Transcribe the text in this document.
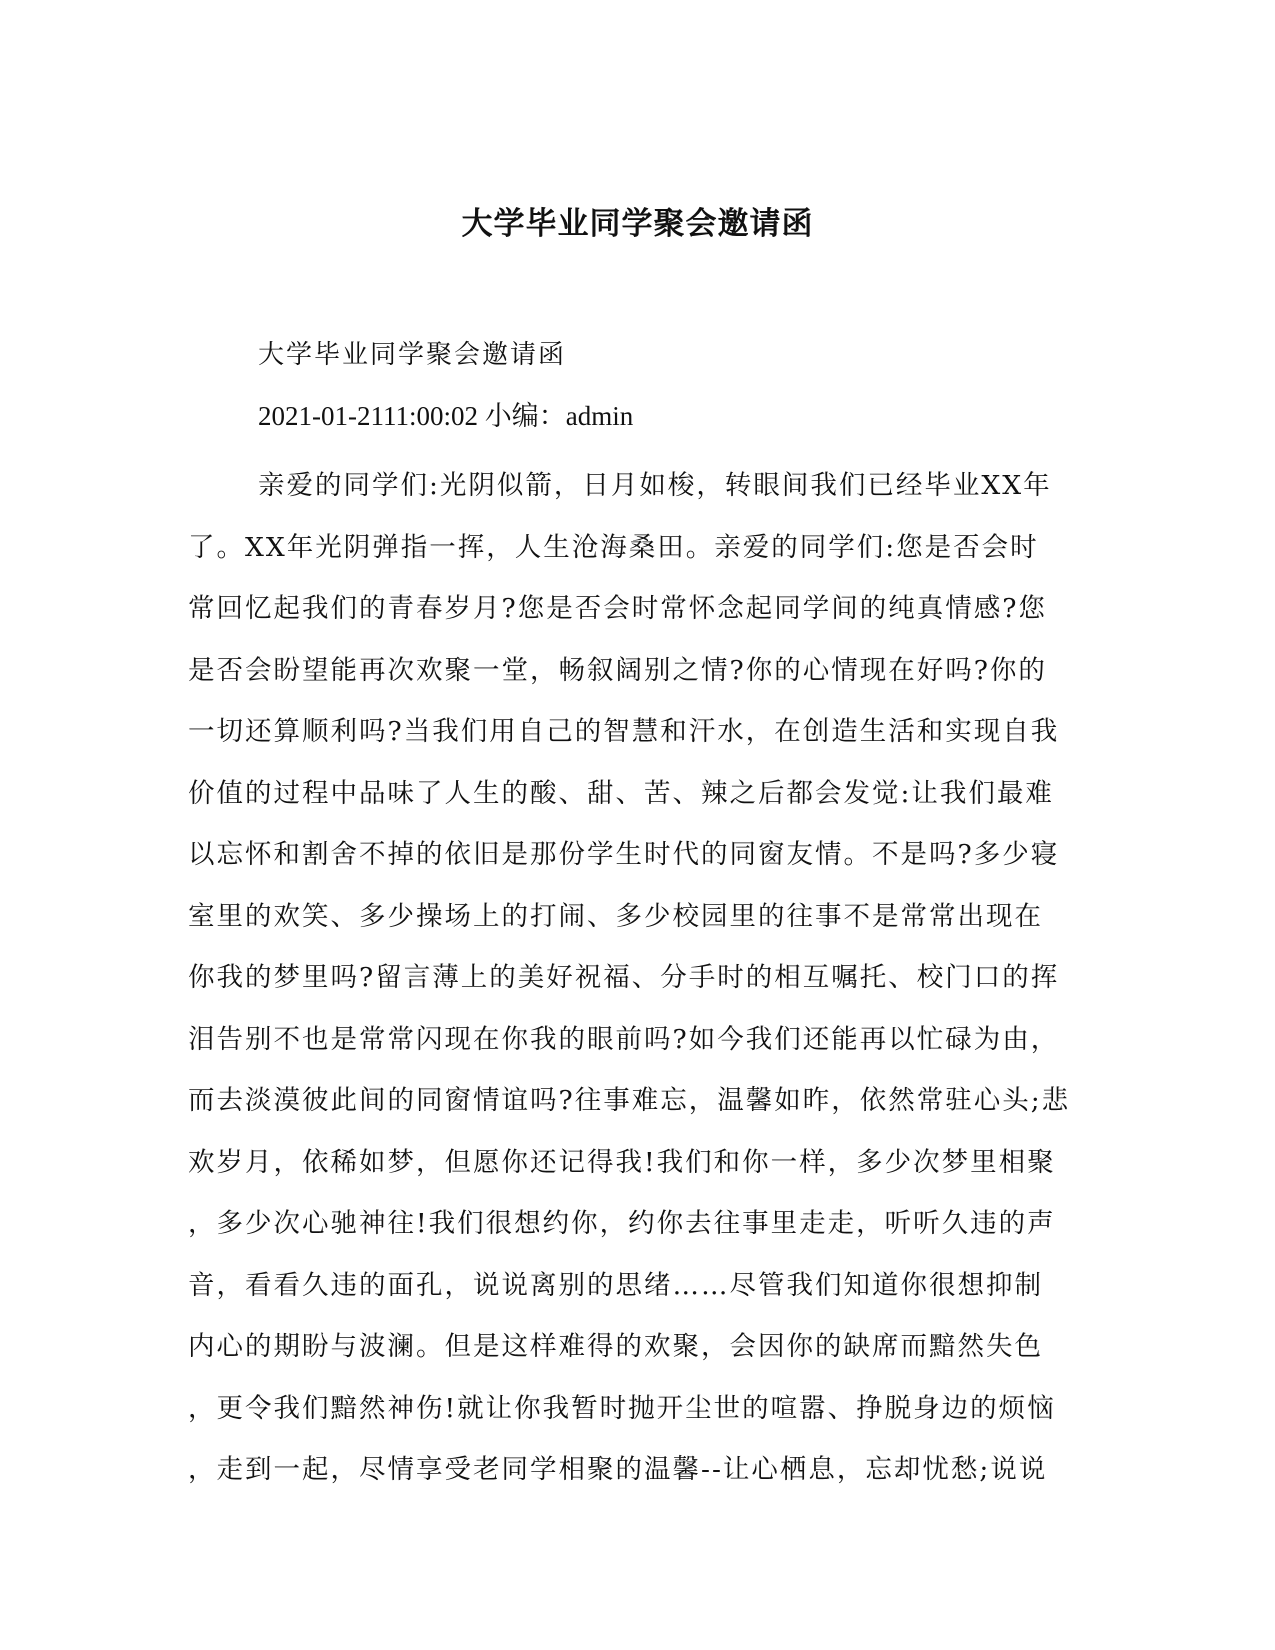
大学毕业同学聚会邀请函

大学毕业同学聚会邀请函

2021-01-2111:00:02 小编：admin

亲爱的同学们:光阴似箭，日月如梭，转眼间我们已经毕业XX年
了。XX年光阴弹指一挥，人生沧海桑田。亲爱的同学们:您是否会时
常回忆起我们的青春岁月?您是否会时常怀念起同学间的纯真情感?您
是否会盼望能再次欢聚一堂，畅叙阔别之情?你的心情现在好吗?你的
一切还算顺利吗?当我们用自己的智慧和汗水，在创造生活和实现自我
价值的过程中品味了人生的酸、甜、苦、辣之后都会发觉:让我们最难
以忘怀和割舍不掉的依旧是那份学生时代的同窗友情。不是吗?多少寝
室里的欢笑、多少操场上的打闹、多少校园里的往事不是常常出现在
你我的梦里吗?留言薄上的美好祝福、分手时的相互嘱托、校门口的挥
泪告别不也是常常闪现在你我的眼前吗?如今我们还能再以忙碌为由，
而去淡漠彼此间的同窗情谊吗?往事难忘，温馨如昨，依然常驻心头;悲
欢岁月，依稀如梦，但愿你还记得我!我们和你一样，多少次梦里相聚
，多少次心驰神往!我们很想约你，约你去往事里走走，听听久违的声
音，看看久违的面孔，说说离别的思绪……尽管我们知道你很想抑制
内心的期盼与波澜。但是这样难得的欢聚，会因你的缺席而黯然失色
，更令我们黯然神伤!就让你我暂时抛开尘世的喧嚣、挣脱身边的烦恼
，走到一起，尽情享受老同学相聚的温馨--让心栖息，忘却忧愁;说说
